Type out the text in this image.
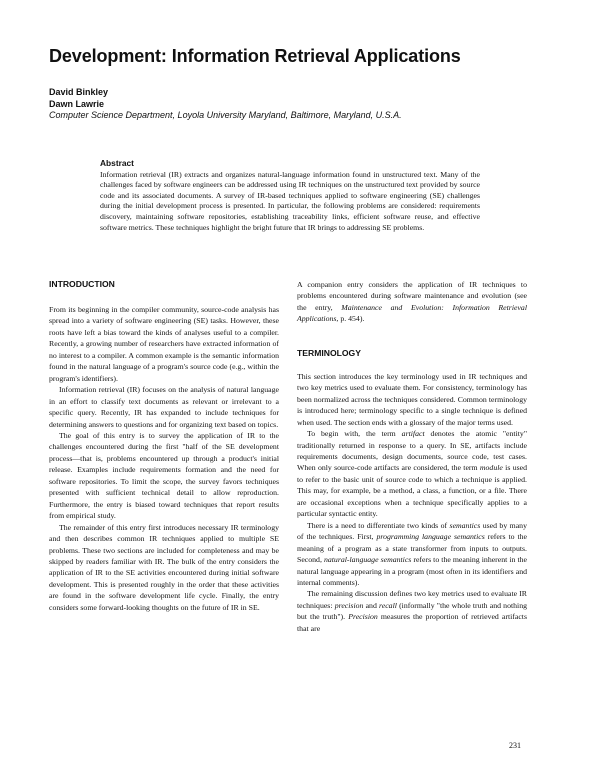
Development: Information Retrieval Applications
David Binkley
Dawn Lawrie
Computer Science Department, Loyola University Maryland, Baltimore, Maryland, U.S.A.
Abstract
Information retrieval (IR) extracts and organizes natural-language information found in unstructured text. Many of the challenges faced by software engineers can be addressed using IR techniques on the unstructured text provided by source code and its associated documents. A survey of IR-based techniques applied to software engineering (SE) challenges during the initial development process is presented. In particular, the following problems are considered: requirements discovery, maintaining software repositories, establishing traceability links, efficient software reuse, and effective software metrics. These techniques highlight the bright future that IR brings to addressing SE problems.
INTRODUCTION

From its beginning in the compiler community, source-code analysis has spread into a variety of software engineering (SE) tasks. However, these roots have left a bias toward the kinds of analyses useful to a compiler. Recently, a growing number of researchers have extracted information of no interest to a compiler. A common example is the semantic information found in the natural language of a program's source code (e.g., within the program's identifiers).

Information retrieval (IR) focuses on the analysis of natural language in an effort to classify text documents as relevant or irrelevant to a specific query. Recently, IR has expanded to include techniques for determining answers to questions and for organizing text based on topics.

The goal of this entry is to survey the application of IR to the challenges encountered during the first "half of the SE development process—that is, problems encountered up through a product's initial release. Examples include requirements formation and the need for software repositories. To limit the scope, the survey favors techniques presented with sufficient technical detail to allow reproduction. Furthermore, the entry is biased toward techniques that report results from empirical study.

The remainder of this entry first introduces necessary IR terminology and then describes common IR techniques applied to multiple SE problems. These two sections are included for completeness and may be skipped by readers familiar with IR. The bulk of the entry considers the application of IR to the SE activities encountered during initial software development. This is presented roughly in the order that these activities are found in the software development life cycle. Finally, the entry considers some forward-looking thoughts on the future of IR in SE.

A companion entry considers the application of IR techniques to problems encountered during software maintenance and evolution (see the entry, Maintenance and Evolution: Information Retrieval Applications, p. 454).

TERMINOLOGY

This section introduces the key terminology used in IR techniques and two key metrics used to evaluate them. For consistency, terminology has been normalized across the techniques considered. Common terminology is introduced here; terminology specific to a single technique is defined when used. The section ends with a glossary of the major terms used.

To begin with, the term artifact denotes the atomic "entity" traditionally returned in response to a query. In SE, artifacts include requirements documents, design documents, source code, test cases. When only source-code artifacts are considered, the term module is used to refer to the basic unit of source code to which a technique is applied. This may, for example, be a method, a class, a function, or a file. There are occasional exceptions when a technique specifically applies to a particular syntactic entity.

There is a need to differentiate two kinds of semantics used by many of the techniques. First, programming language semantics refers to the meaning of a program as a state transformer from inputs to outputs. Second, natural-language semantics refers to the meaning inherent in the natural language appearing in a program (most often in its identifiers and internal comments).

The remaining discussion defines two key metrics used to evaluate IR techniques: precision and recall (informally "the whole truth and nothing but the truth"). Precision measures the proportion of retrieved artifacts that are

231
